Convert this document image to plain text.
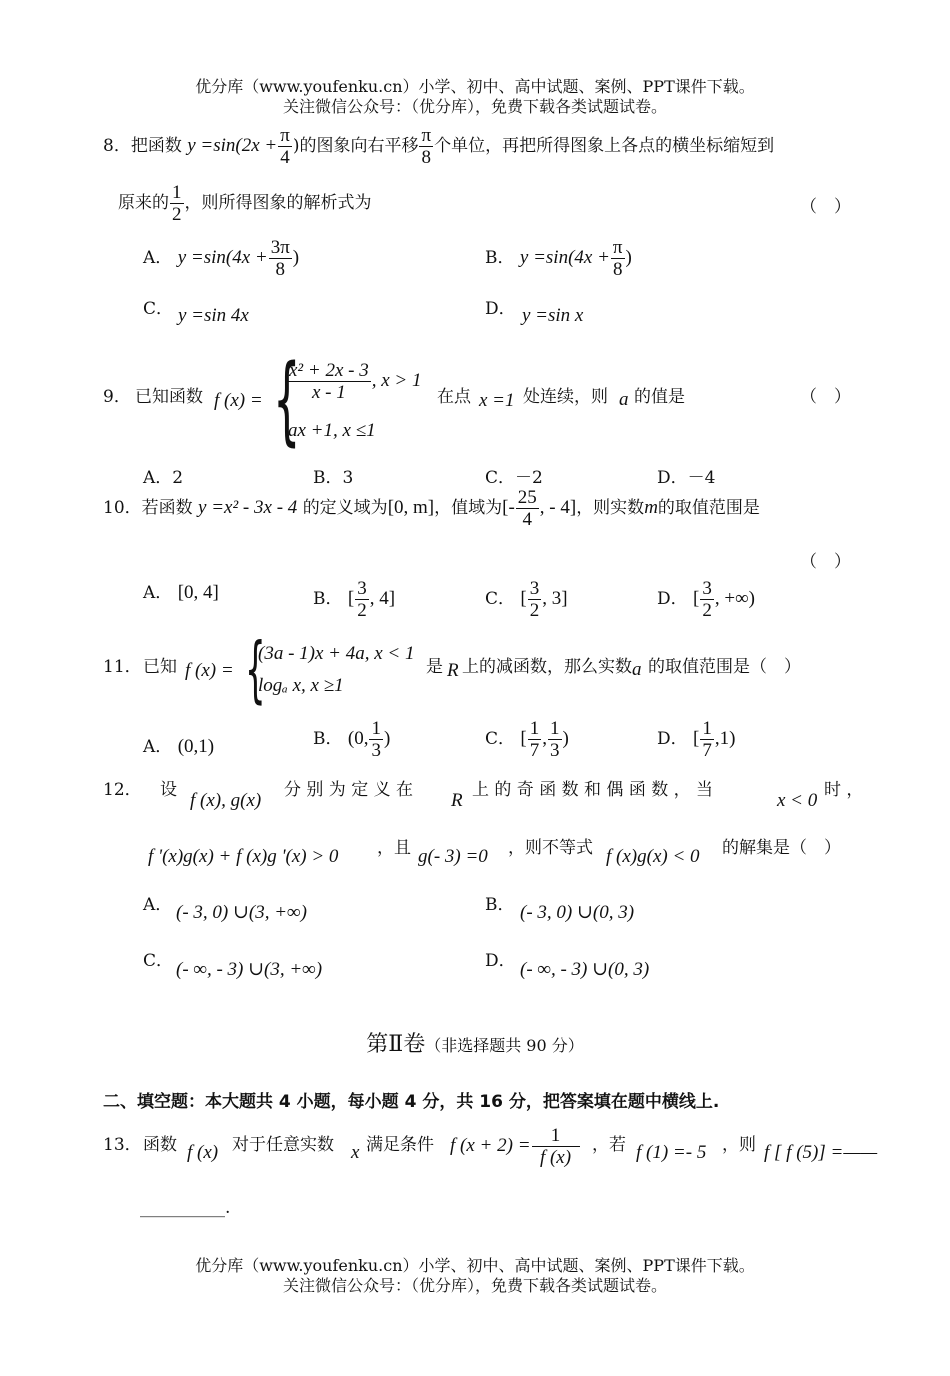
优分库（www.youfenku.cn）小学、初中、高中试题、案例、PPT课件下载。
关注微信公众号：（优分库），免费下载各类试题试卷。
8．把函数 $y =\sin(2x + \frac{\pi}{4}$ )的图象向右平移 $\frac{\pi}{8}$ 个单位，再把所得图象上各点的横坐标缩短到
原来的 $\frac{1}{2}$ ，则所得图象的解析式为	（　）
A． $y =\sin(4x + \frac{3\pi}{8}$ )	B． $y =\sin(4x + \frac{\pi}{8}$ )
C． y =sin 4x	D． y =sin x
9． 已知函数 f (x) = {
$\frac{\text{x² + 2x - 3}}{x - 1}$ , x > 1
ax +1, x ≤1
在点 x =1 处连续，则 a 的值是	（　）
A．2	B．3	C．－2	D．－4
10．若函数 y =x² - 3x - 4 的定义域为[0, m]，值域为[- $\frac{25}{4}$ , - 4]，则实数m的取值范围是
（　）
A． [0, 4]	B． [ $\frac{3}{2}$ , 4]	C． [ $\frac{3}{2}$ , 3]	D． [ $\frac{3}{2}$ , +∞)
11． 已知 f (x) = {
(3a - 1)x + 4a, x < 1
logₐ x, x ≥1
是 R 上的减函数，那么实数 a 的取值范围是（　）
A． (0,1)	B． (0, $\frac{1}{3}$ )	C． [ $\frac{1}{7}$ , $\frac{1}{3}$ )	D． [ $\frac{1}{7} ,1$)
12． 设 f (x), g(x) 分 别 为 定 义 在 R 上 的 奇 函 数 和 偶 函 数 ， 当	x < 0 时 ，
f '(x)g(x) + f (x)g '(x) > 0 ，且 g(- 3) =0 ，则不等式 f (x)g(x) < 0 的解集是（　）
A． (- 3, 0) ∪(3, +∞)	B． (- 3, 0) ∪(0, 3)
C． (- ∞, - 3) ∪(3, +∞)	D． (- ∞, - 3) ∪(0, 3)
第Ⅱ卷（非选择题共 90 分）
二、填空题：本大题共 4 小题，每小题 4 分，共 16 分，把答案填在题中横线上.
13． 函数 f (x) 对于任意实数 x 满足条件 f $(x + 2) = \frac{1}{f (x)}$ ，若 f (1) =- 5 ，则 f [ f (5)] =——
__________.
优分库（www.youfenku.cn）小学、初中、高中试题、案例、PPT课件下载。
关注微信公众号：（优分库），免费下载各类试题试卷。
